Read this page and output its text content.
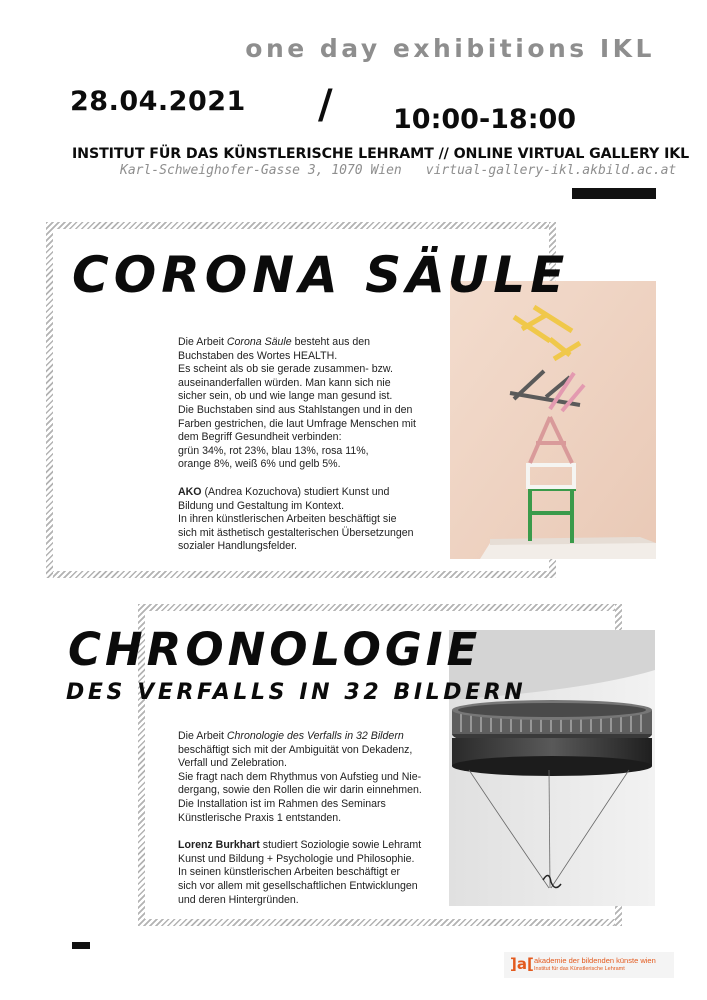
one day exhibitions IKL
28.04.2021 / 10:00-18:00
INSTITUT FÜR DAS KÜNSTLERISCHE LEHRAMT // ONLINE VIRTUAL GALLERY IKL
Karl-Schweighofer-Gasse 3, 1070 Wien virtual-gallery-ikl.akbild.ac.at
CORONA SÄULE

Die Arbeit Corona Säule besteht aus den

Buchstaben des Wortes HEALTH.

Es scheint als ob sie gerade zusammen- bzw.

auseinanderfallen würden. Man kann sich nie

sicher sein, ob und wie lange man gesund ist.

Die Buchstaben sind aus Stahlstangen und in den

Farben gestrichen, die laut Umfrage Menschen mit

dem Begriff Gesundheit verbinden:

grün 34%, rot 23%, blau 13%, rosa 11%,

orange 8%, weiß 6% und gelb 5%.

AKO (Andrea Kozuchova) studiert Kunst und

Bildung und Gestaltung im Kontext.

In ihren künstlerischen Arbeiten beschäftigt sie

sich mit ästhetisch gestalterischen Übersetzungen

sozialer Handlungsfelder.

CHRONOLOGIE
DES VERFALLS IN 32 BILDERN

Die Arbeit Chronologie des Verfalls in 32 Bildern

beschäftigt sich mit der Ambiguität von Dekadenz,

Verfall und Zelebration.

Sie fragt nach dem Rhythmus von Aufstieg und Nie-

dergang, sowie den Rollen die wir darin einnehmen.

Die Installation ist im Rahmen des Seminars

Künstlerische Praxis 1 entstanden.

Lorenz Burkhart studiert Soziologie sowie Lehramt

Kunst und Bildung + Psychologie und Philosophie.

In seinen künstlerischen Arbeiten beschäftigt er

sich vor allem mit gesellschaftlichen Entwicklungen

und deren Hintergründen.

]a[ akademie der bildenden künste wien
Institut für das Künstlerische Lehramt
